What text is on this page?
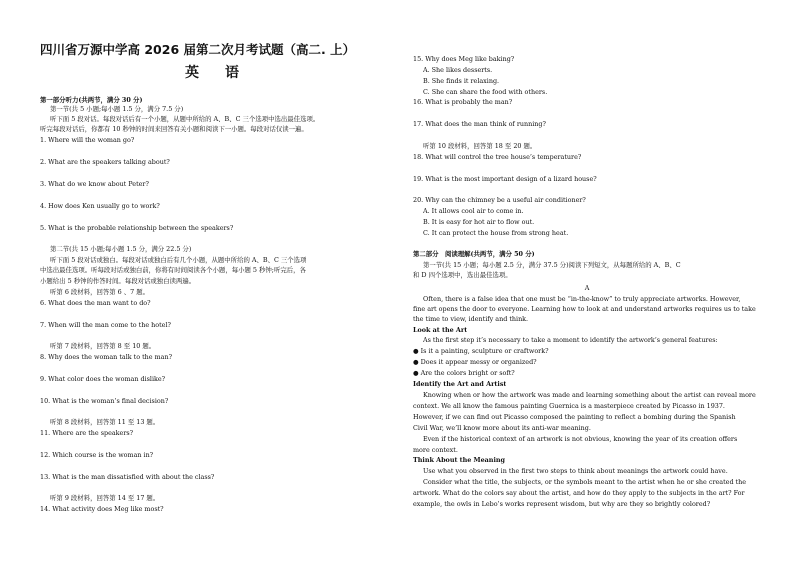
四川省万源中学高 2026 届第二次月考试题（高二. 上）
英　语
第一部分听力(共两节，满分 30 分)
第一节(共 5 小题;每小题 1.5 分，满分 7.5 分)
听下面 5 段对话。每段对话后有一个小题，从题中所给的 A、B、C 三个选项中选出最佳选项。
听完每段对话后，你都有 10 秒钟的时间来回答有关小题和阅读下一小题。每段对话仅读一遍。
1. Where will the woman go?
2. What are the speakers talking about?
3. What do we know about Peter?
4. How does Ken usually go to work?
5. What is the probable relationship between the speakers?
第二节(共 15 小题;每小题 1.5 分，满分 22.5 分)
听下面 5 段对话或独白。每段对话或独白后有几个小题，从题中所给的 A、B、C 三个选项
中选出最佳选项。听每段对话或独白前，你将有时间阅读各个小题，每小题 5 秒钟;听完后，各
小题给出 5 秒钟的作答时间。每段对话或独白读两遍。
听第 6 段材料，回答第 6 、7 题。
6. What does the man want to do?
7. When will the man come to the hotel?
听第 7 段材料，回答第 8 至 10 题。
8. Why does the woman talk to the man?
9. What color does the woman dislike?
10. What is the woman’s final decision?
听第 8 段材料，回答第 11 至 13 题。
11. Where are the speakers?
12. Which course is the woman in?
13. What is the man dissatisfied with about the class?
听第 9 段材料，回答第 14 至 17 题。
14. What activity does Meg like most?
15. Why does Meg like baking?
A. She likes desserts.
B. She finds it relaxing.
C. She can share the food with others.
16. What is probably the man?
17. What does the man think of running?
听第 10 段材料，回答第 18 至 20 题。
18. What will control the tree house’s temperature?
19. What is the most important design of a lizard house?
20. Why can the chimney be a useful air conditioner?
A. It allows cool air to come in.
B. It is easy for hot air to flow out.
C. It can protect the house from strong heat.
第二部分　阅读理解(共两节，满分 50 分)
第一节(共 15 小题；每小题 2.5 分，满分 37.5 分)阅读下列短文，从每题所给的 A、B、C
和 D 四个选项中，选出最佳选项。
A
Often, there is a false idea that one must be “in-the-know” to truly appreciate artworks. However,
fine art opens the door to everyone. Learning how to look at and understand artworks requires us to take
the time to view, identify and think.
Look at the Art
As the first step it’s necessary to take a moment to identify the artwork’s general features:
● Is it a painting, sculpture or craftwork?
● Does it appear messy or organized?
● Are the colors bright or soft?
Identify the Art and Artist
Knowing when or how the artwork was made and learning something about the artist can reveal more
context. We all know the famous painting Guernica is a masterpiece created by Picasso in 1937.
However, if we can find out Picasso composed the painting to reflect a bombing during the Spanish
Civil War, we’ll know more about its anti-war meaning.
Even if the historical context of an artwork is not obvious, knowing the year of its creation offers
more context.
Think About the Meaning
Use what you observed in the first two steps to think about meanings the artwork could have.
Consider what the title, the subjects, or the symbols meant to the artist when he or she created the
artwork. What do the colors say about the artist, and how do they apply to the subjects in the art? For
example, the owls in Lebo’s works represent wisdom, but why are they so brightly colored?
